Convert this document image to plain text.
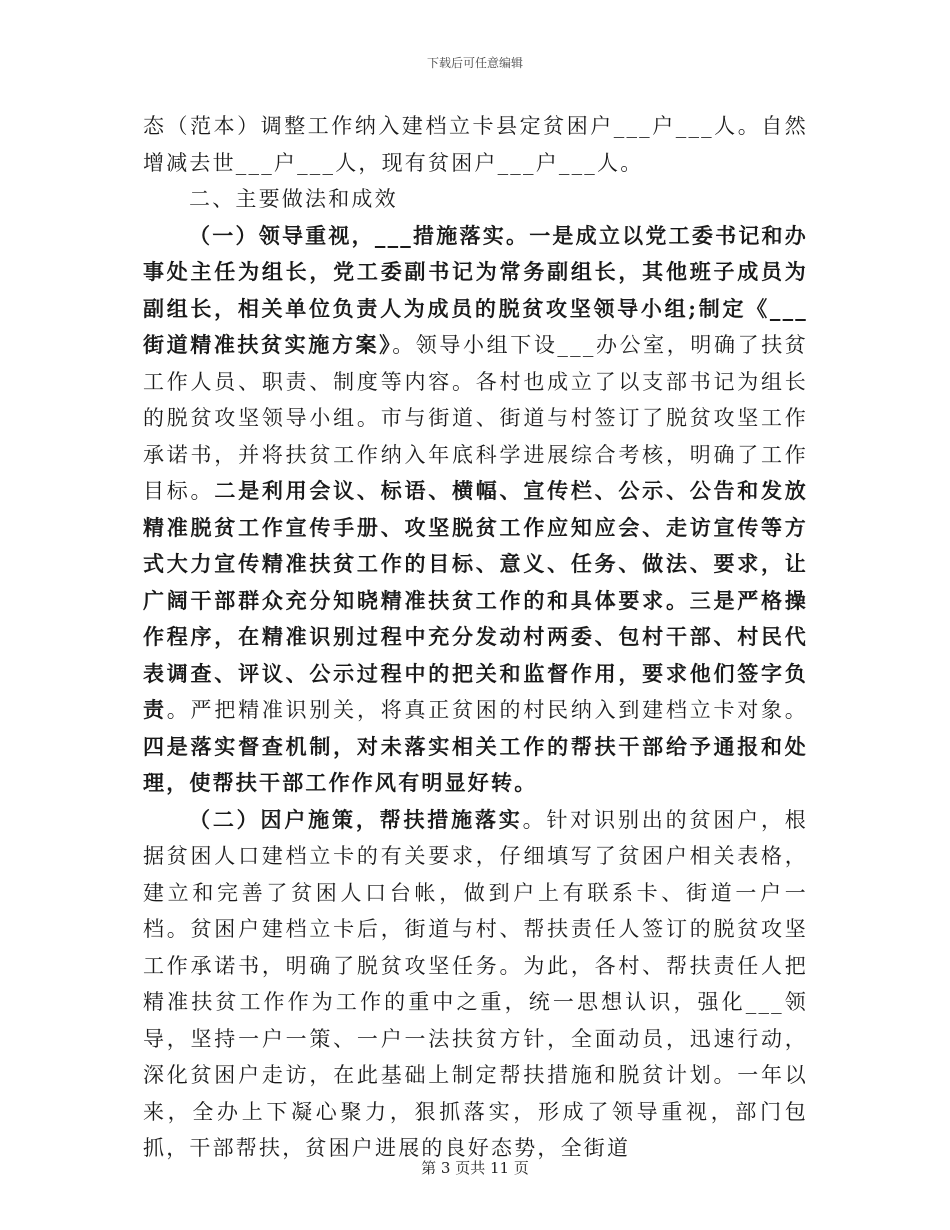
下载后可任意编辑

态（范本）调整工作纳入建档立卡县定贫困户___户___人。自然增减去世___户___人，现有贫困户___户___人。

二、主要做法和成效

（一）领导重视，___措施落实。一是成立以党工委书记和办事处主任为组长，党工委副书记为常务副组长，其他班子成员为副组长，相关单位负责人为成员的脱贫攻坚领导小组;制定《___街道精准扶贫实施方案》。领导小组下设___办公室，明确了扶贫工作人员、职责、制度等内容。各村也成立了以支部书记为组长的脱贫攻坚领导小组。市与街道、街道与村签订了脱贫攻坚工作承诺书，并将扶贫工作纳入年底科学进展综合考核，明确了工作目标。二是利用会议、标语、横幅、宣传栏、公示、公告和发放精准脱贫工作宣传手册、攻坚脱贫工作应知应会、走访宣传等方式大力宣传精准扶贫工作的目标、意义、任务、做法、要求，让广阔干部群众充分知晓精准扶贫工作的和具体要求。三是严格操作程序，在精准识别过程中充分发动村两委、包村干部、村民代表调查、评议、公示过程中的把关和监督作用，要求他们签字负责。严把精准识别关，将真正贫困的村民纳入到建档立卡对象。四是落实督查机制，对未落实相关工作的帮扶干部给予通报和处理，使帮扶干部工作作风有明显好转。

（二）因户施策，帮扶措施落实。针对识别出的贫困户，根据贫困人口建档立卡的有关要求，仔细填写了贫困户相关表格，建立和完善了贫困人口台帐，做到户上有联系卡、街道一户一档。贫困户建档立卡后，街道与村、帮扶责任人签订的脱贫攻坚工作承诺书，明确了脱贫攻坚任务。为此，各村、帮扶责任人把精准扶贫工作作为工作的重中之重，统一思想认识，强化___领导，坚持一户一策、一户一法扶贫方针，全面动员，迅速行动，深化贫困户走访，在此基础上制定帮扶措施和脱贫计划。一年以来，全办上下凝心聚力，狠抓落实，形成了领导重视，部门包抓，干部帮扶，贫困户进展的良好态势，全街道

第 3 页共 11 页
